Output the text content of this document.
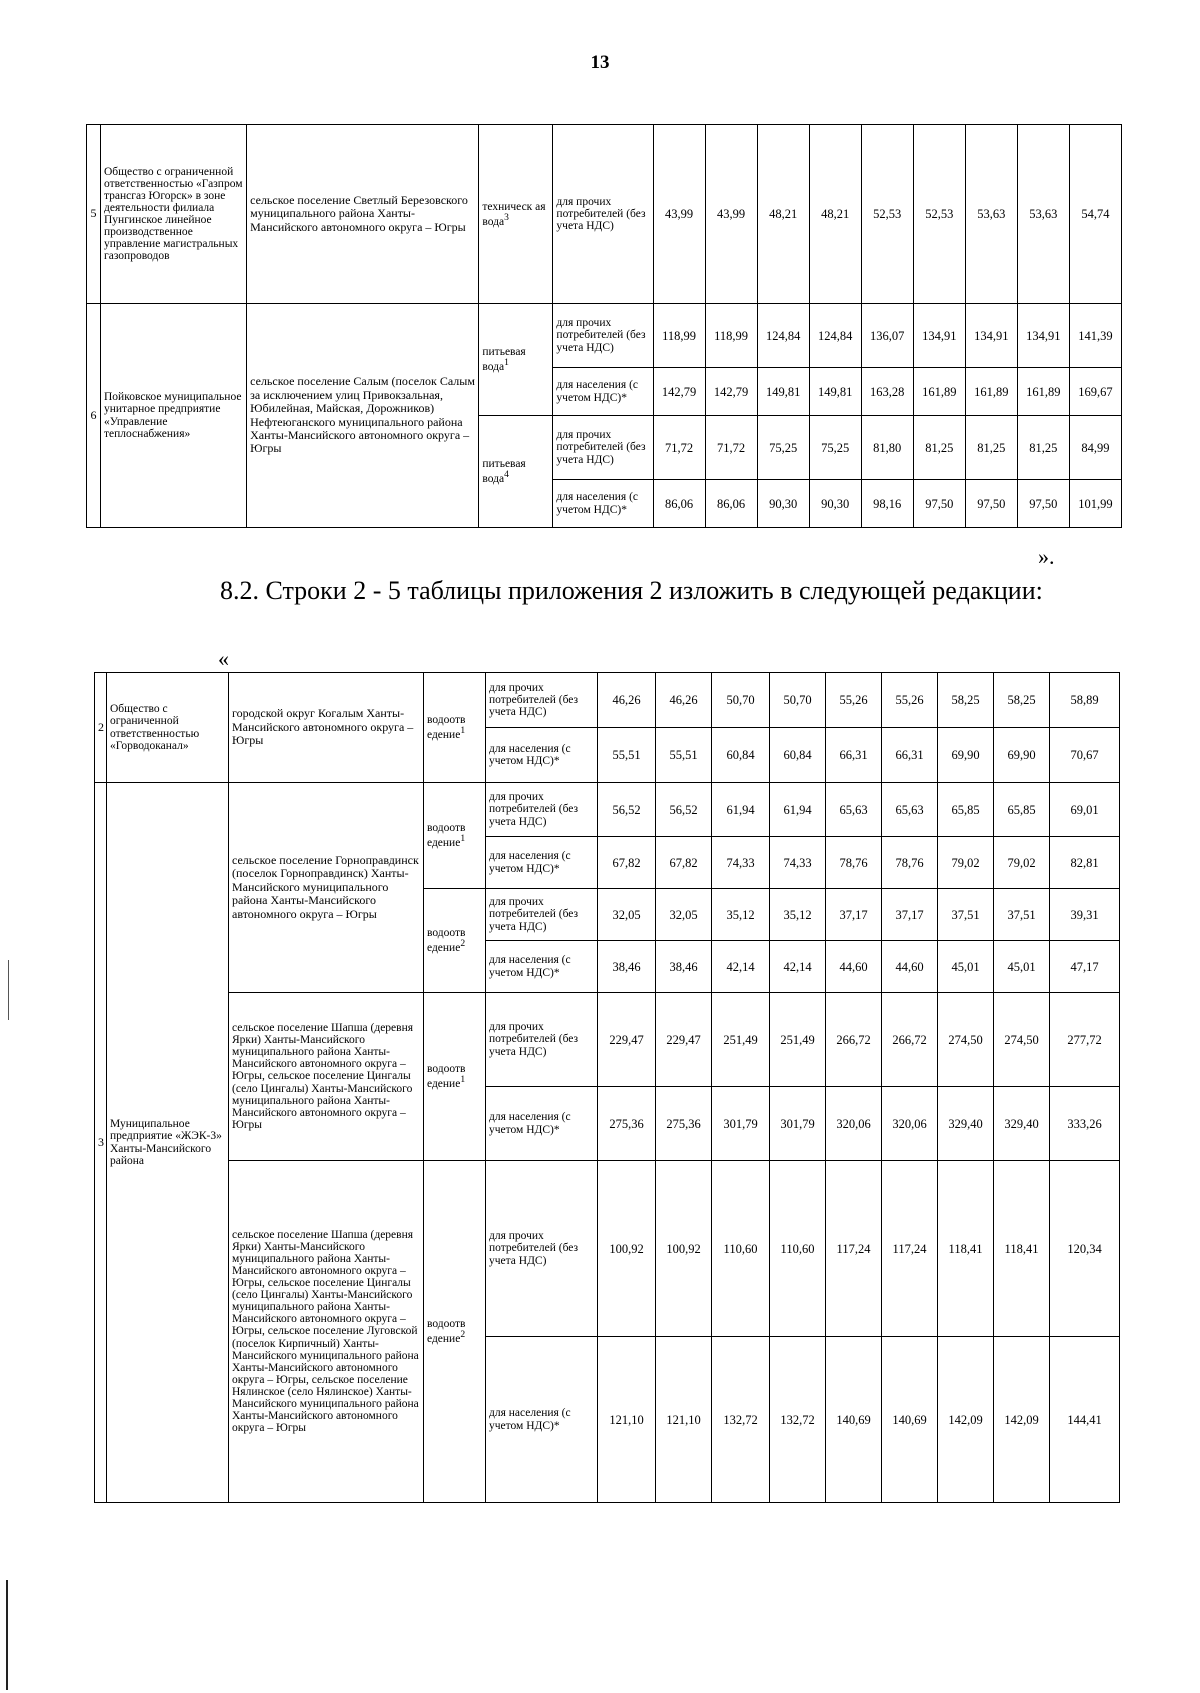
13
5	Общество с ограниченной ответственностью «Газпром трансгаз Югорск» в зоне деятельности филиала Пунгинское линейное производственное управление магистральных газопроводов	сельское поселение Светлый Березовского муниципального района Ханты-Мансийского автономного округа – Югры	техническ ая вода$^3$	для прочих потребителей (без учета НДС)	43,99	43,99	48,21	48,21	52,53	52,53	53,63	53,63	54,74
6	Пойковское муниципальное унитарное предприятие «Управление теплоснабжения»	сельское поселение Салым (поселок Салым за исключением улиц Привокзальная, Юбилейная, Майская, Дорожников) Нефтеюганского муниципального района Ханты-Мансийского автономного округа – Югры	питьевая вода$^1$	для прочих потребителей (без учета НДС)	118,99	118,99	124,84	124,84	136,07	134,91	134,91	134,91	141,39
				для населения (с учетом НДС)*	142,79	142,79	149,81	149,81	163,28	161,89	161,89	161,89	169,67
			питьевая вода$^4$	для прочих потребителей (без учета НДС)	71,72	71,72	75,25	75,25	81,80	81,25	81,25	81,25	84,99
				для населения (с учетом НДС)*	86,06	86,06	90,30	90,30	98,16	97,50	97,50	97,50	101,99
».
8.2. Строки 2 - 5 таблицы приложения 2 изложить в следующей редакции:
«
2	Общество с ограниченной ответственностью «Горводоканал»	городской округ Когалым Ханты-Мансийского автономного округа – Югры	водоотв едение$^1$	для прочих потребителей (без учета НДС)	46,26	46,26	50,70	50,70	55,26	55,26	58,25	58,25	58,89
				для населения (с учетом НДС)*	55,51	55,51	60,84	60,84	66,31	66,31	69,90	69,90	70,67
3	Муниципальное предприятие «ЖЭК-3» Ханты-Мансийского района	сельское поселение Горноправдинск (поселок Горноправдинск) Ханты-Мансийского муниципального района Ханты-Мансийского автономного округа – Югры	водоотв едение$^1$	для прочих потребителей (без учета НДС)	56,52	56,52	61,94	61,94	65,63	65,63	65,85	65,85	69,01
				для населения (с учетом НДС)*	67,82	67,82	74,33	74,33	78,76	78,76	79,02	79,02	82,81
			водоотв едение$^2$	для прочих потребителей (без учета НДС)	32,05	32,05	35,12	35,12	37,17	37,17	37,51	37,51	39,31
				для населения (с учетом НДС)*	38,46	38,46	42,14	42,14	44,60	44,60	45,01	45,01	47,17
		сельское поселение Шапша (деревня Ярки) Ханты-Мансийского муниципального района Ханты-Мансийского автономного округа – Югры, сельское поселение Цингалы (село Цингалы) Ханты-Мансийского муниципального района Ханты-Мансийского автономного округа – Югры	водоотв едение$^1$	для прочих потребителей (без учета НДС)	229,47	229,47	251,49	251,49	266,72	266,72	274,50	274,50	277,72
				для населения (с учетом НДС)*	275,36	275,36	301,79	301,79	320,06	320,06	329,40	329,40	333,26
		сельское поселение Шапша (деревня Ярки) Ханты-Мансийского муниципального района Ханты-Мансийского автономного округа – Югры, сельское поселение Цингалы (село Цингалы) Ханты-Мансийского муниципального района Ханты-Мансийского автономного округа – Югры, сельское поселение Луговской (поселок Кирпичный) Ханты-Мансийского муниципального района Ханты-Мансийского автономного округа – Югры, сельское поселение Нялинское (село Нялинское) Ханты-Мансийского муниципального района Ханты-Мансийского автономного округа – Югры	водоотв едение$^2$	для прочих потребителей (без учета НДС)	100,92	100,92	110,60	110,60	117,24	117,24	118,41	118,41	120,34
				для населения (с учетом НДС)*	121,10	121,10	132,72	132,72	140,69	140,69	142,09	142,09	144,41
